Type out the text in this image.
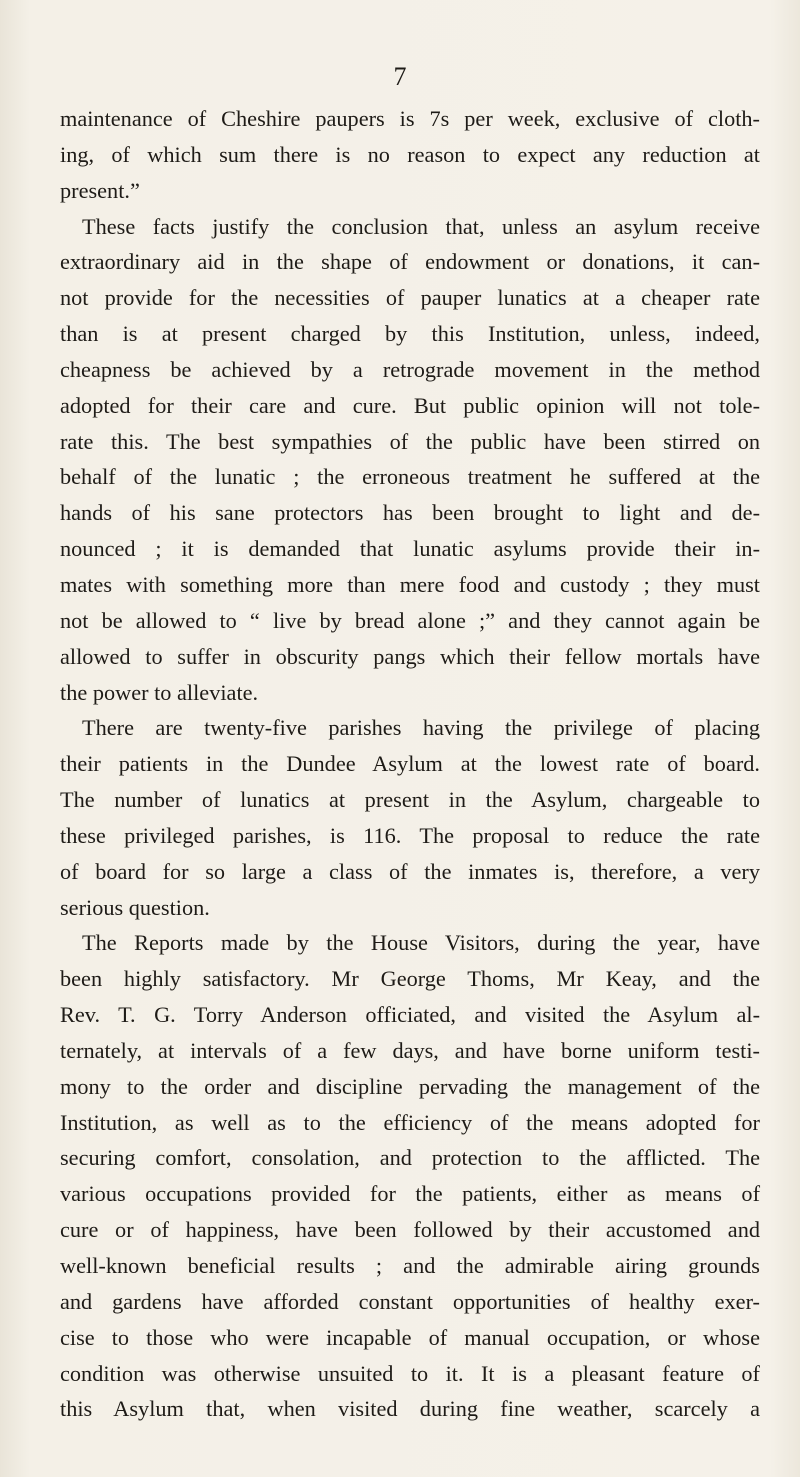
7
maintenance of Cheshire paupers is 7s per week, exclusive of cloth-
ing, of which sum there is no reason to expect any reduction at
present.”
These facts justify the conclusion that, unless an asylum receive
extraordinary aid in the shape of endowment or donations, it can-
not provide for the necessities of pauper lunatics at a cheaper rate
than is at present charged by this Institution, unless, indeed,
cheapness be achieved by a retrograde movement in the method
adopted for their care and cure. But public opinion will not tole-
rate this. The best sympathies of the public have been stirred on
behalf of the lunatic ; the erroneous treatment he suffered at the
hands of his sane protectors has been brought to light and de-
nounced ; it is demanded that lunatic asylums provide their in-
mates with something more than mere food and custody ; they must
not be allowed to “ live by bread alone ;” and they cannot again be
allowed to suffer in obscurity pangs which their fellow mortals have
the power to alleviate.
There are twenty-five parishes having the privilege of placing
their patients in the Dundee Asylum at the lowest rate of board.
The number of lunatics at present in the Asylum, chargeable to
these privileged parishes, is 116. The proposal to reduce the rate
of board for so large a class of the inmates is, therefore, a very
serious question.
The Reports made by the House Visitors, during the year, have
been highly satisfactory. Mr George Thoms, Mr Keay, and the
Rev. T. G. Torry Anderson officiated, and visited the Asylum al-
ternately, at intervals of a few days, and have borne uniform testi-
mony to the order and discipline pervading the management of the
Institution, as well as to the efficiency of the means adopted for
securing comfort, consolation, and protection to the afflicted. The
various occupations provided for the patients, either as means of
cure or of happiness, have been followed by their accustomed and
well-known beneficial results ; and the admirable airing grounds
and gardens have afforded constant opportunities of healthy exer-
cise to those who were incapable of manual occupation, or whose
condition was otherwise unsuited to it. It is a pleasant feature of
this Asylum that, when visited during fine weather, scarcely a
